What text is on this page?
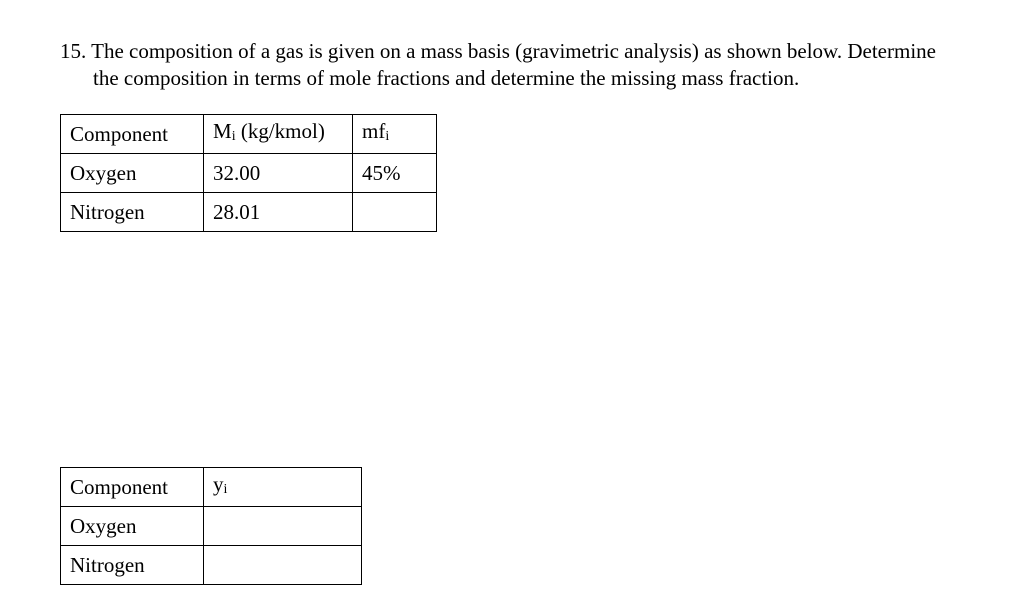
15. The composition of a gas is given on a mass basis (gravimetric analysis) as shown below. Determine
the composition in terms of mole fractions and determine the missing mass fraction.
Component	Mi (kg/kmol)	mfi
Oxygen	32.00	45%
Nitrogen	28.01	
Component	yi
Oxygen	
Nitrogen	
